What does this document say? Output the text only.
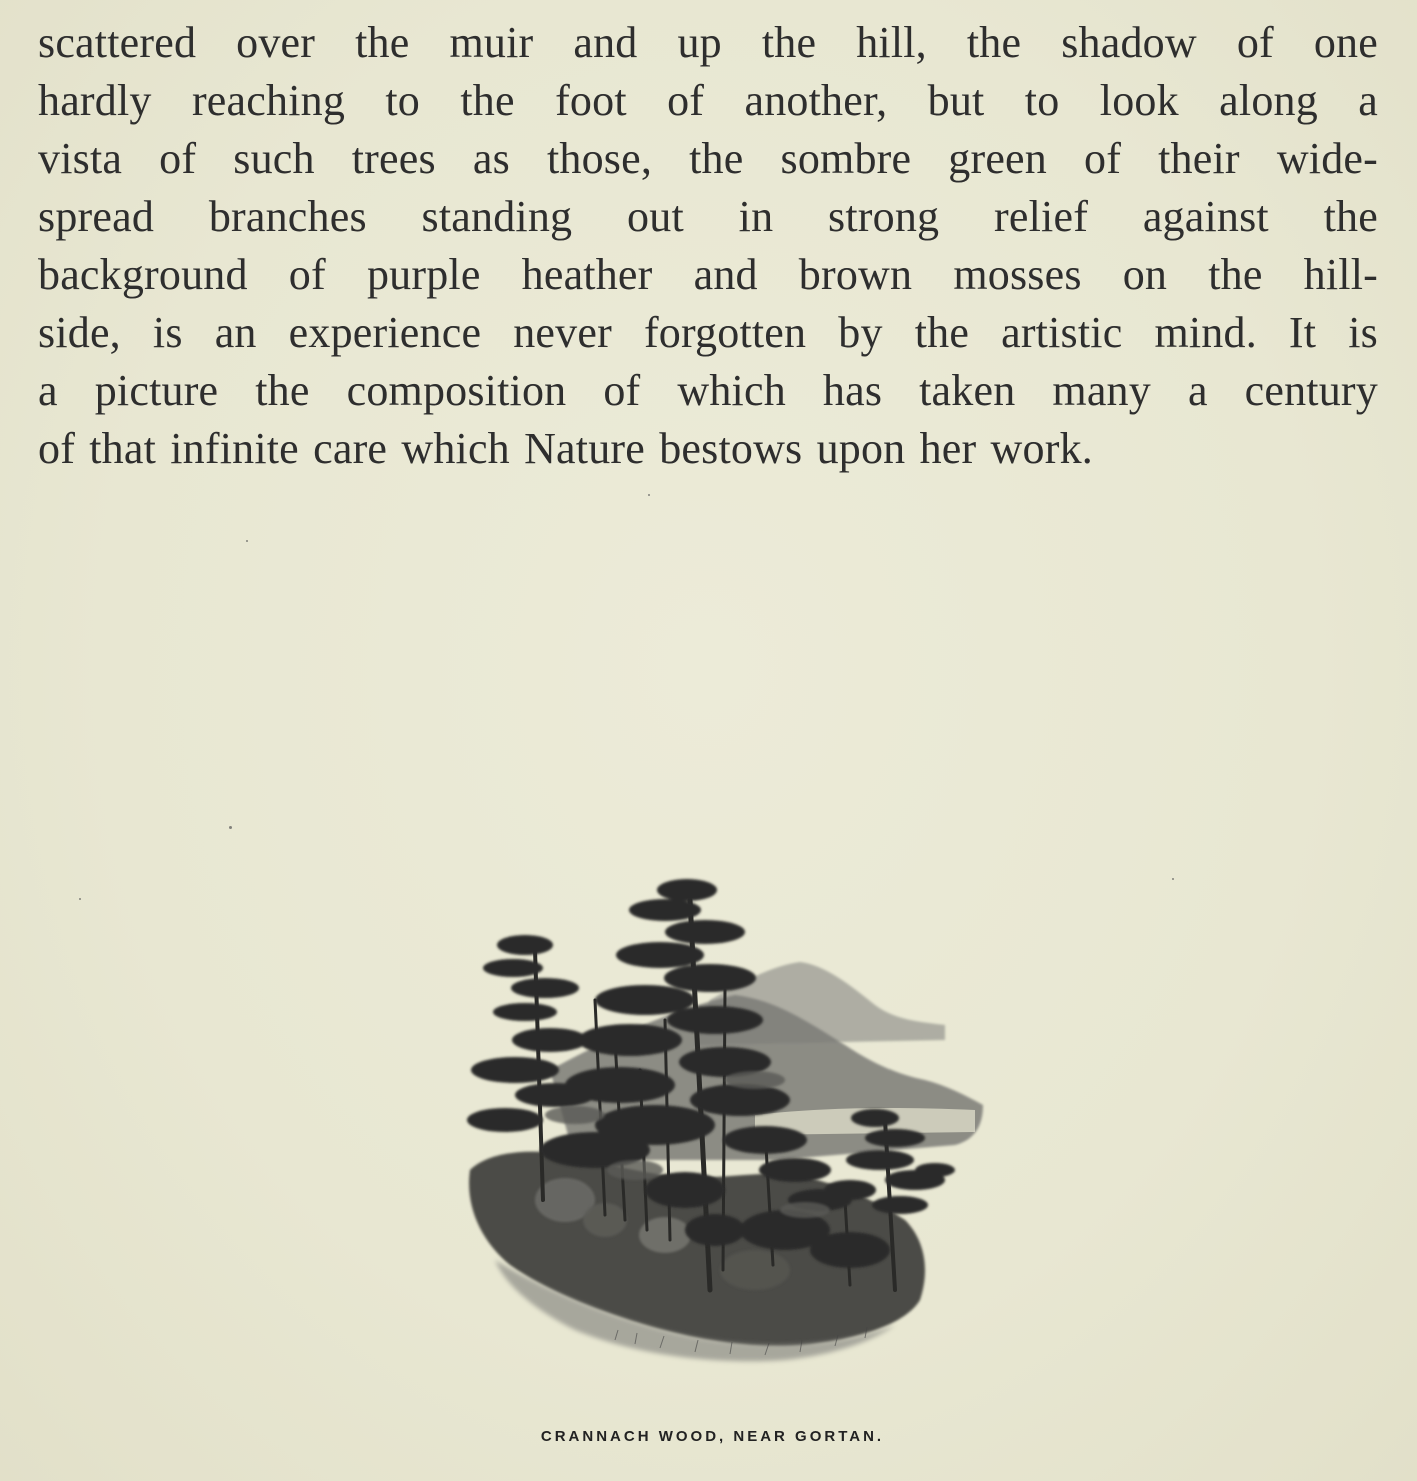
scattered over the muir and up the hill, the shadow of one
hardly reaching to the foot of another, but to look along a
vista of such trees as those, the sombre green of their wide-
spread branches standing out in strong relief against the
background of purple heather and brown mosses on the hill-
side, is an experience never forgotten by the artistic mind. It is
a picture the composition of which has taken many a century
of that infinite care which Nature bestows upon her work.
CRANNACH WOOD, NEAR GORTAN.
